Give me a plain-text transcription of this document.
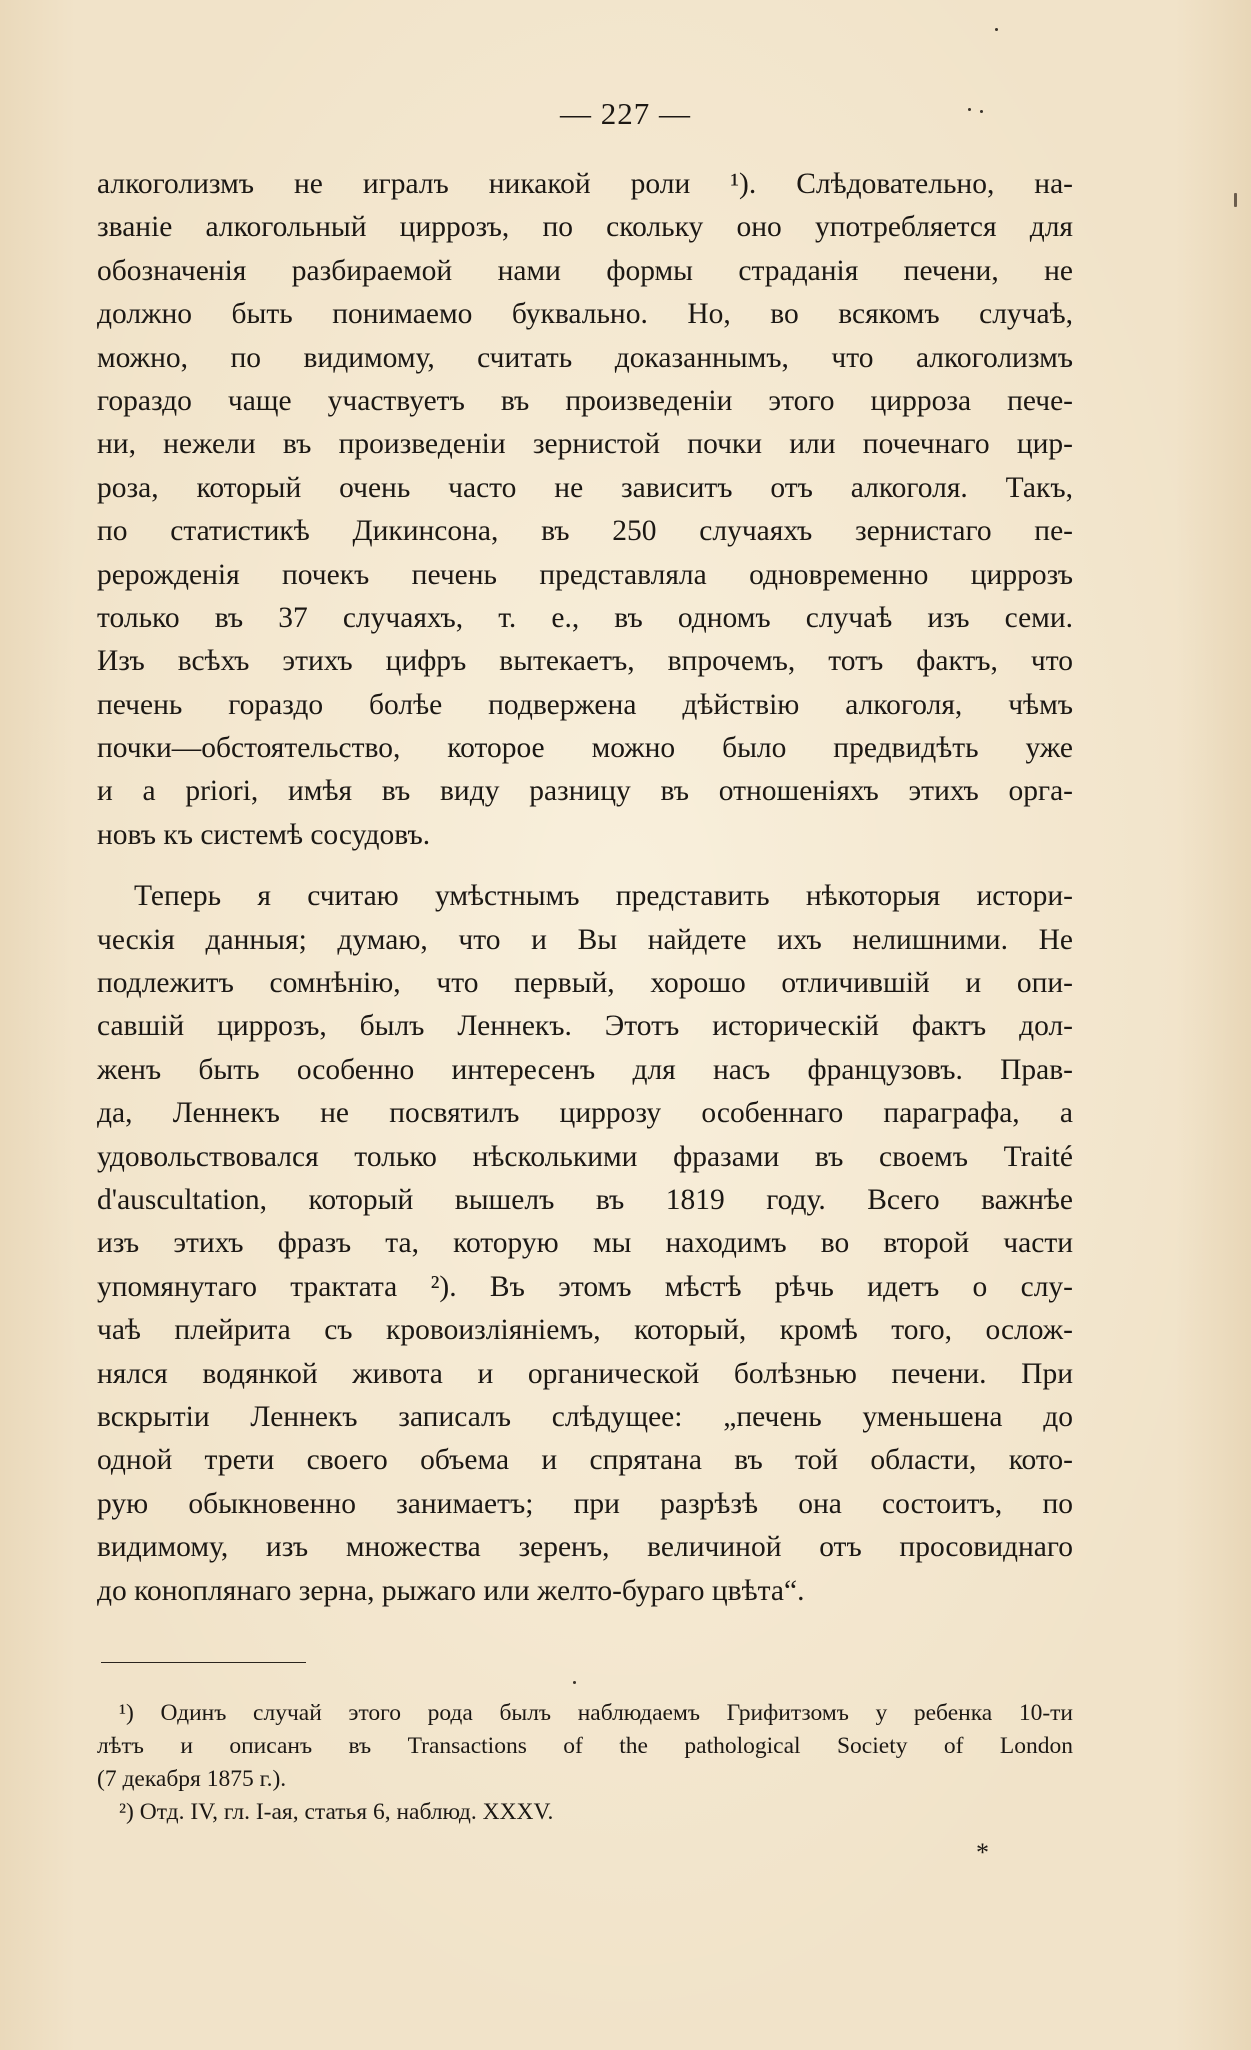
— 227 —
алкоголизмъ не игралъ никакой роли ¹). Слѣдовательно, на-
званіе алкогольный циррозъ, по скольку оно употребляется для
обозначенія разбираемой нами формы страданія печени, не
должно быть понимаемо буквально. Но, во всякомъ случаѣ,
можно, по видимому, считать доказаннымъ, что алкоголизмъ
гораздо чаще участвуетъ въ произведеніи этого цирроза пече-
ни, нежели въ произведеніи зернистой почки или почечнаго цир-
роза, который очень часто не зависитъ отъ алкоголя. Такъ,
по статистикѣ Дикинсона, въ 250 случаяхъ зернистаго пе-
рерожденія почекъ печень представляла одновременно циррозъ
только въ 37 случаяхъ, т. е., въ одномъ случаѣ изъ семи.
Изъ всѣхъ этихъ цифръ вытекаетъ, впрочемъ, тотъ фактъ, что
печень гораздо болѣе подвержена дѣйствію алкоголя, чѣмъ
почки—обстоятельство, которое можно было предвидѣть уже
и a priori, имѣя въ виду разницу въ отношеніяхъ этихъ орга-
новъ къ системѣ сосудовъ.
Теперь я считаю умѣстнымъ представить нѣкоторыя истори-
ческія данныя; думаю, что и Вы найдете ихъ нелишними. Не
подлежитъ сомнѣнію, что первый, хорошо отличившій и опи-
савшій циррозъ, былъ Леннекъ. Этотъ историческій фактъ дол-
женъ быть особенно интересенъ для насъ французовъ. Прав-
да, Леннекъ не посвятилъ циррозу особеннаго параграфа, а
удовольствовался только нѣсколькими фразами въ своемъ Traité
d'auscultation, который вышелъ въ 1819 году. Всего важнѣе
изъ этихъ фразъ та, которую мы находимъ во второй части
упомянутаго трактата ²). Въ этомъ мѣстѣ рѣчь идетъ о слу-
чаѣ плейрита съ кровоизліяніемъ, который, кромѣ того, ослож-
нялся водянкой живота и органической болѣзнью печени. При
вскрытіи Леннекъ записалъ слѣдущее: „печень уменьшена до
одной трети своего объема и спрятана въ той области, кото-
рую обыкновенно занимаетъ; при разрѣзѣ она состоитъ, по
видимому, изъ множества зеренъ, величиной отъ просовиднаго
до коноплянаго зерна, рыжаго или желто-бураго цвѣта“.
¹) Одинъ случай этого рода былъ наблюдаемъ Грифитзомъ у ребенка 10-ти
лѣтъ и описанъ въ Transactions of the pathological Society of London
(7 декабря 1875 г.).
²) Отд. IV, гл. I-ая, статья 6, наблюд. XXXV.
*
